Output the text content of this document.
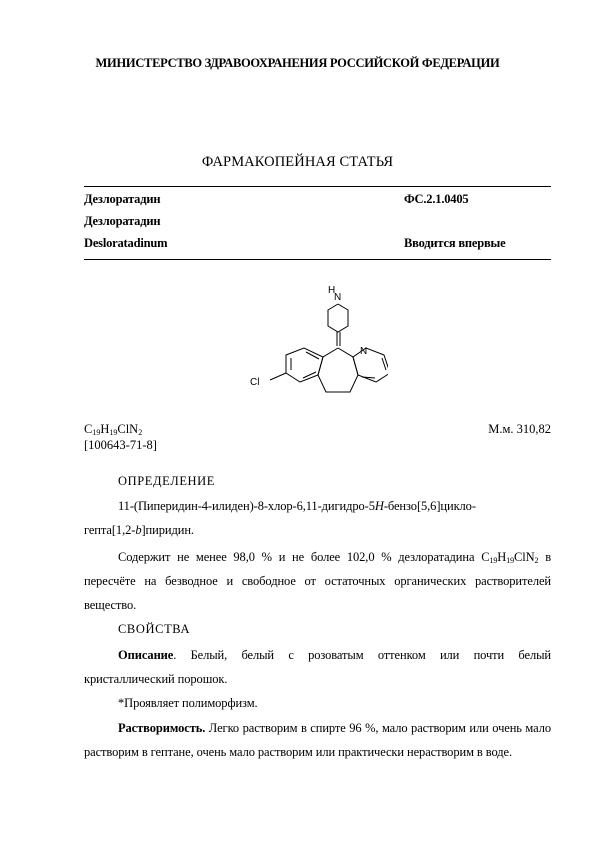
МИНИСТЕРСТВО ЗДРАВООХРАНЕНИЯ РОССИЙСКОЙ ФЕДЕРАЦИИ
ФАРМАКОПЕЙНАЯ СТАТЬЯ
Дезлоратадин	ФС.2.1.0405
Дезлоратадин
Desloratadinum	Вводится впервые
H
N
N
Cl
$C_{19}H_{19}ClN_2$	М.м. 310,82
[100643-71-8]
ОПРЕДЕЛЕНИЕ
11-(Пиперидин-4-илиден)-8-хлор-6,11-дигидро-5H-бензо[5,6]цикло-
гепта[1,2-b]пиридин.
Содержит не менее 98,0 % и не более 102,0 % дезлоратадина $C_{19}H_{19}ClN_2$ в пересчёте на безводное и свободное от остаточных органических растворителей вещество.
СВОЙСТВА
Описание. Белый, белый с розоватым оттенком или почти белый кристаллический порошок.
*Проявляет полиморфизм.
Растворимость. Легко растворим в спирте 96 %, мало растворим или очень мало растворим в гептане, очень мало растворим или практически нерастворим в воде.
